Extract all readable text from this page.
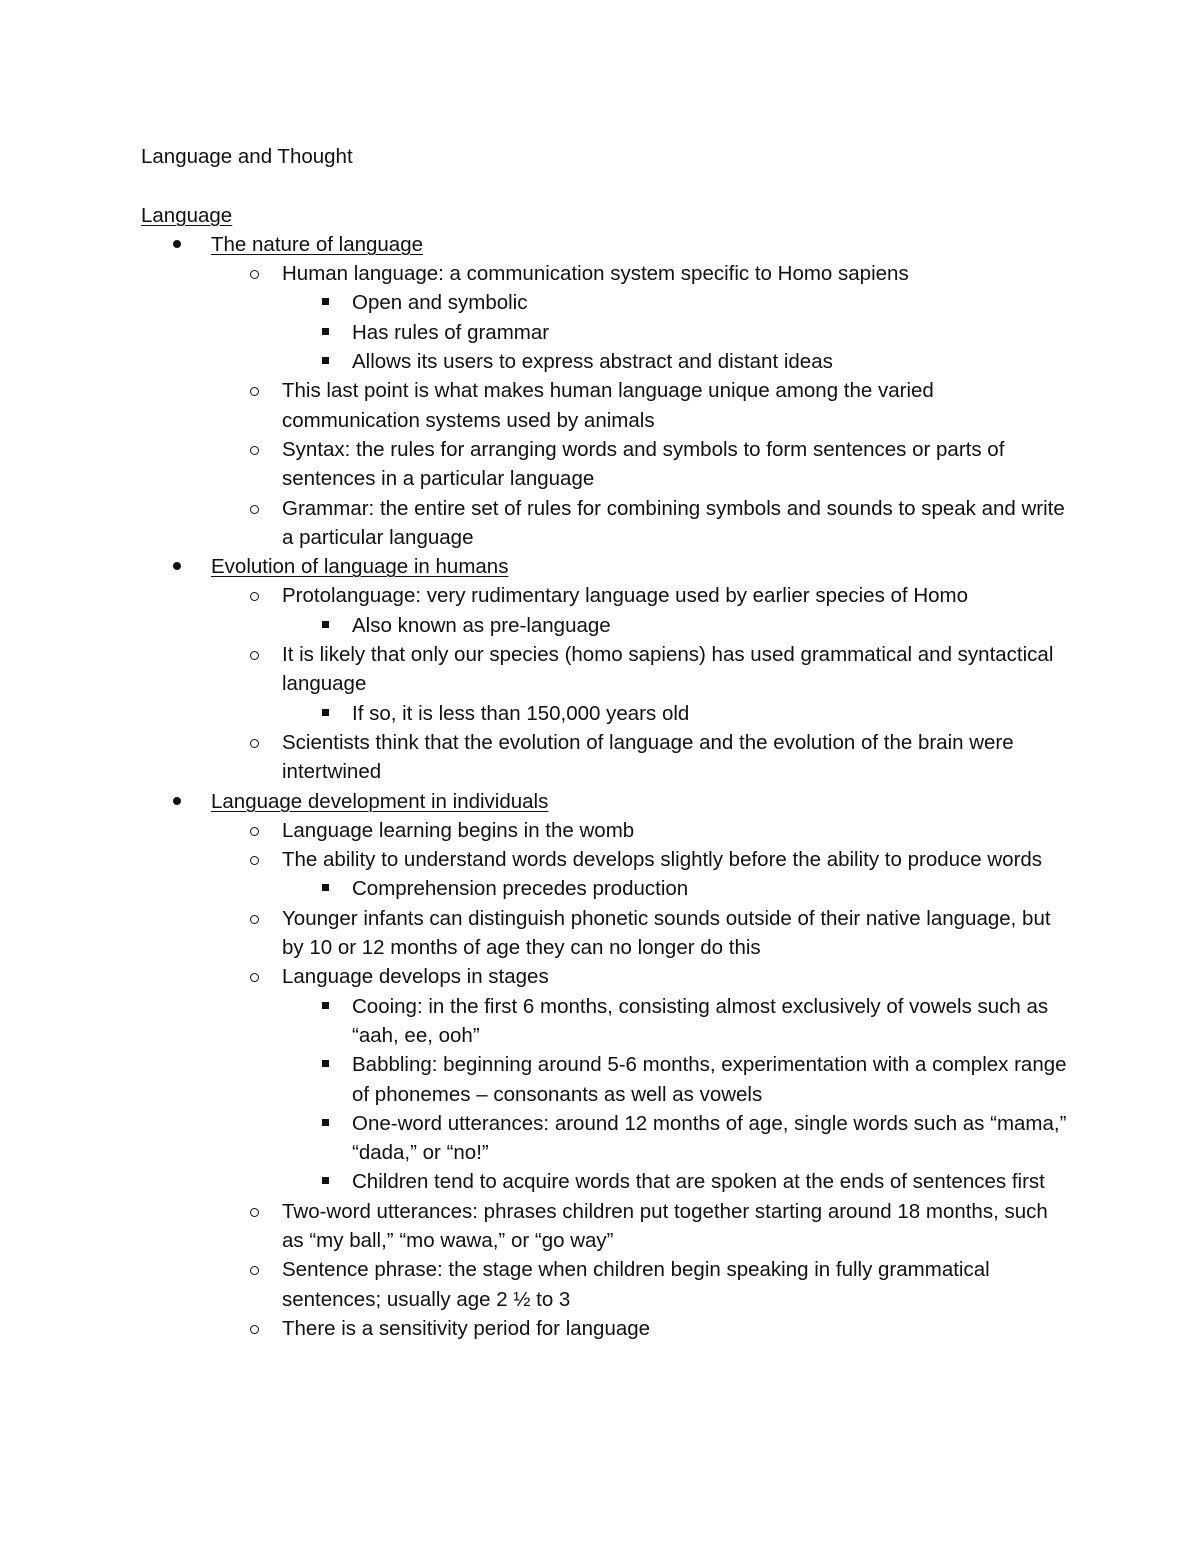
Language and Thought
Language
The nature of language
Human language: a communication system specific to Homo sapiens
Open and symbolic
Has rules of grammar
Allows its users to express abstract and distant ideas
This last point is what makes human language unique among the varied communication systems used by animals
Syntax: the rules for arranging words and symbols to form sentences or parts of sentences in a particular language
Grammar: the entire set of rules for combining symbols and sounds to speak and write a particular language
Evolution of language in humans
Protolanguage: very rudimentary language used by earlier species of Homo
Also known as pre-language
It is likely that only our species (homo sapiens) has used grammatical and syntactical language
If so, it is less than 150,000 years old
Scientists think that the evolution of language and the evolution of the brain were intertwined
Language development in individuals
Language learning begins in the womb
The ability to understand words develops slightly before the ability to produce words
Comprehension precedes production
Younger infants can distinguish phonetic sounds outside of their native language, but by 10 or 12 months of age they can no longer do this
Language develops in stages
Cooing: in the first 6 months, consisting almost exclusively of vowels such as “aah, ee, ooh”
Babbling: beginning around 5-6 months, experimentation with a complex range of phonemes – consonants as well as vowels
One-word utterances: around 12 months of age, single words such as “mama,” “dada,” or “no!”
Children tend to acquire words that are spoken at the ends of sentences first
Two-word utterances: phrases children put together starting around 18 months, such as “my ball,” “mo wawa,” or “go way”
Sentence phrase: the stage when children begin speaking in fully grammatical sentences; usually age 2 ½ to 3
There is a sensitivity period for language
